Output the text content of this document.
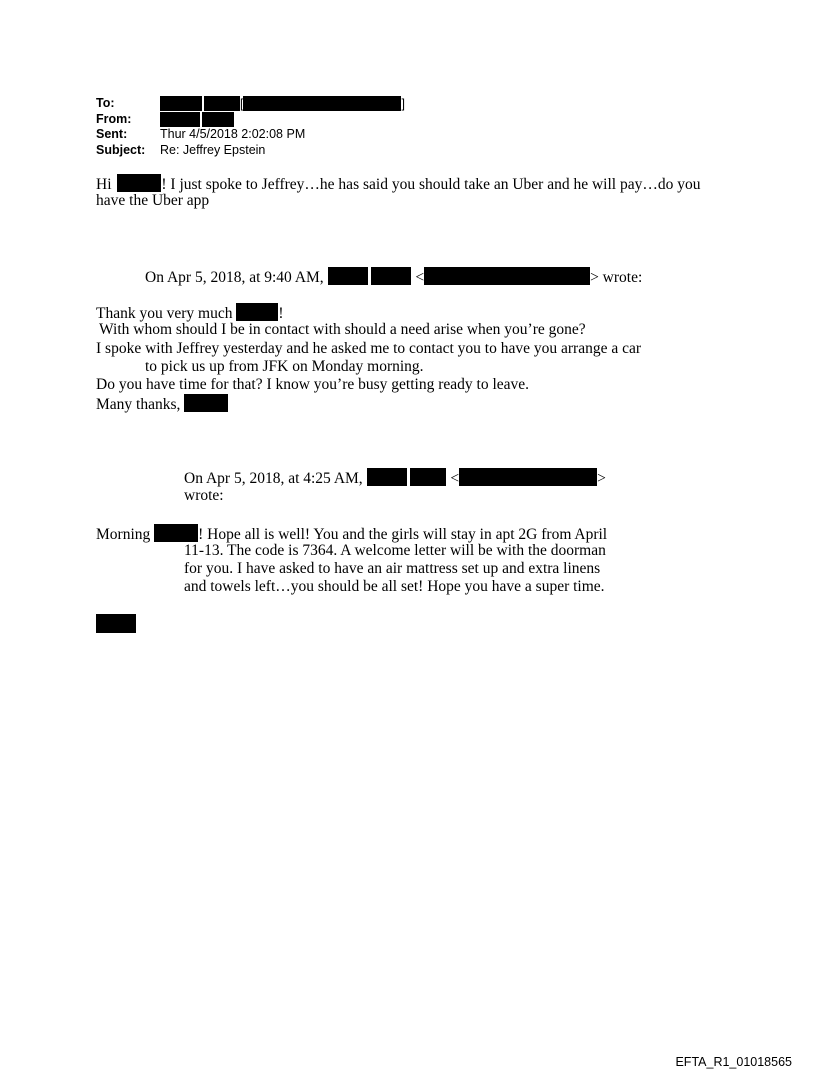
To:	[	]
From:
Sent:	Thur 4/5/2018 2:02:08 PM
Subject: Re: Jeffrey Epstein
Hi	! I just spoke to Jeffrey…he has said you should take an Uber and he will pay…do you
have the Uber app
On Apr 5, 2018, at 9:40 AM,	<	> wrote:
Thank you very much	!
With whom should I be in contact with should a need arise when you’re gone?
I spoke with Jeffrey yesterday and he asked me to contact you to have you arrange a car
to pick us up from JFK on Monday morning.
Do you have time for that? I know you’re busy getting ready to leave.
Many thanks,
On Apr 5, 2018, at 4:25 AM,	<	>
wrote:
Morning	! Hope all is well! You and the girls will stay in apt 2G from April
11-13. The code is 7364. A welcome letter will be with the doorman
for you. I have asked to have an air mattress set up and extra linens
and towels left…you should be all set! Hope you have a super time.
EFTA_R1_01018565
